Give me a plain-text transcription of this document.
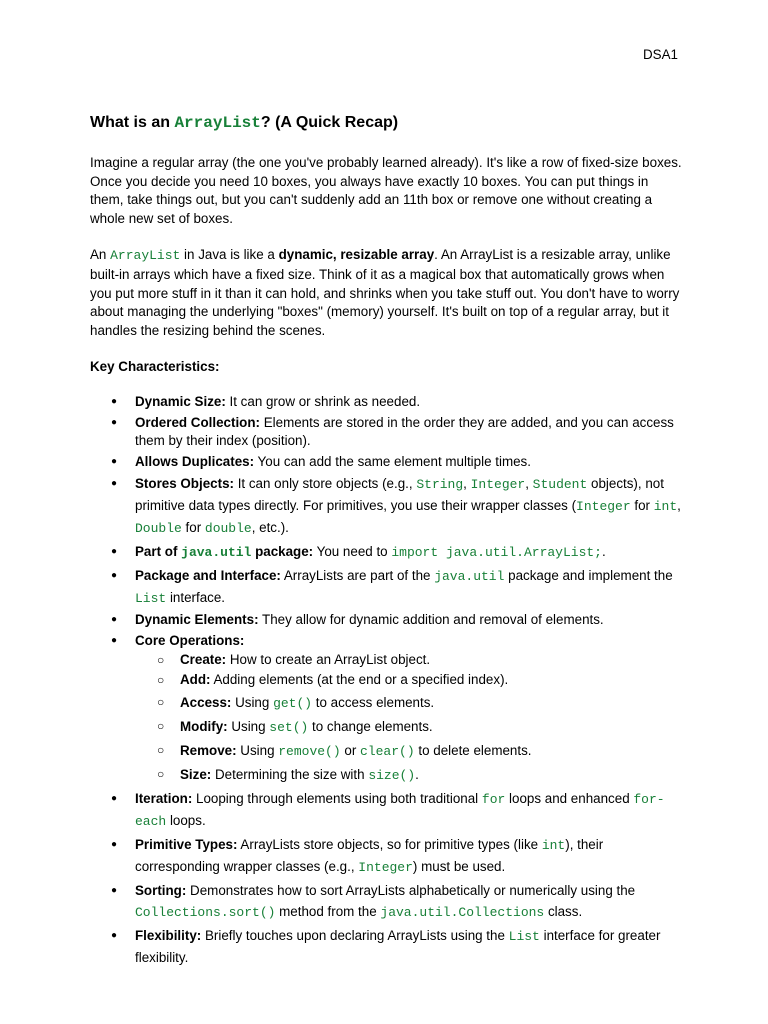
DSA1
What is an ArrayList? (A Quick Recap)

Imagine a regular array (the one you've probably learned already). It's like a row of fixed-size boxes. Once you decide you need 10 boxes, you always have exactly 10 boxes. You can put things in them, take things out, but you can't suddenly add an 11th box or remove one without creating a whole new set of boxes.

An ArrayList in Java is like a dynamic, resizable array. An ArrayList is a resizable array, unlike built-in arrays which have a fixed size. Think of it as a magical box that automatically grows when you put more stuff in it than it can hold, and shrinks when you take stuff out. You don't have to worry about managing the underlying "boxes" (memory) yourself. It's built on top of a regular array, but it handles the resizing behind the scenes.

Key Characteristics:
● Dynamic Size: It can grow or shrink as needed.
● Ordered Collection: Elements are stored in the order they are added, and you can access them by their index (position).
● Allows Duplicates: You can add the same element multiple times.
● Stores Objects: It can only store objects (e.g., String, Integer, Student objects), not primitive data types directly. For primitives, you use their wrapper classes (Integer for int, Double for double, etc.).
● Part of java.util package: You need to import java.util.ArrayList;.
● Package and Interface: ArrayLists are part of the java.util package and implement the List interface.
● Dynamic Elements: They allow for dynamic addition and removal of elements.
● Core Operations:
○ Create: How to create an ArrayList object.
○ Add: Adding elements (at the end or a specified index).
○ Access: Using get() to access elements.
○ Modify: Using set() to change elements.
○ Remove: Using remove() or clear() to delete elements.
○ Size: Determining the size with size().
● Iteration: Looping through elements using both traditional for loops and enhanced for-each loops.
● Primitive Types: ArrayLists store objects, so for primitive types (like int), their corresponding wrapper classes (e.g., Integer) must be used.
● Sorting: Demonstrates how to sort ArrayLists alphabetically or numerically using the Collections.sort() method from the java.util.Collections class.
● Flexibility: Briefly touches upon declaring ArrayLists using the List interface for greater flexibility.
